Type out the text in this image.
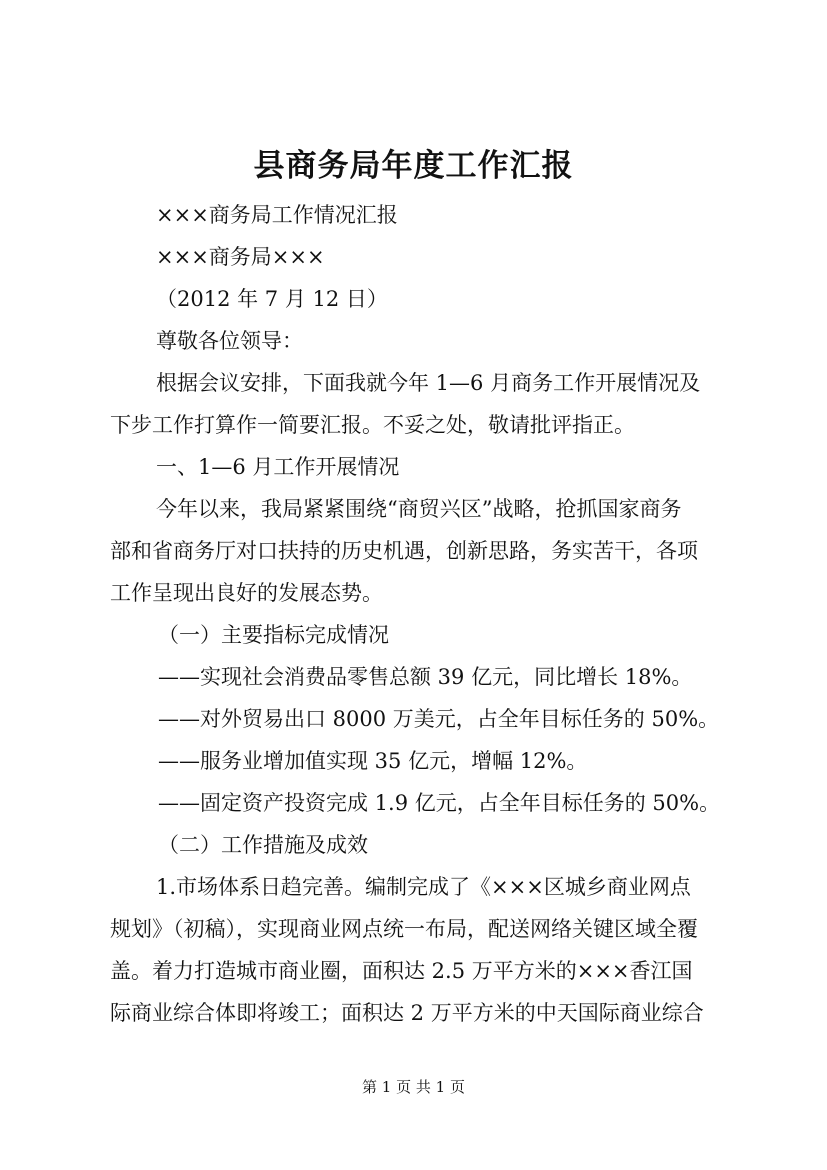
县商务局年度工作汇报

×××商务局工作情况汇报

×××商务局×××

（2012 年 7 月 12 日）

尊敬各位领导：

根据会议安排，下面我就今年 1—6 月商务工作开展情况及

下步工作打算作一简要汇报。不妥之处，敬请批评指正。

一、1—6 月工作开展情况

今年以来，我局紧紧围绕“商贸兴区”战略，抢抓国家商务

部和省商务厅对口扶持的历史机遇，创新思路，务实苦干，各项

工作呈现出良好的发展态势。

（一）主要指标完成情况

——实现社会消费品零售总额 39 亿元，同比增长 18%。

——对外贸易出口 8000 万美元，占全年目标任务的 50%。

——服务业增加值实现 35 亿元，增幅 12%。

——固定资产投资完成 1.9 亿元，占全年目标任务的 50%。

（二）工作措施及成效

1.市场体系日趋完善。编制完成了《×××区城乡商业网点

规划》（初稿），实现商业网点统一布局，配送网络关键区域全覆

盖。着力打造城市商业圈，面积达 2.5 万平方米的×××香江国

际商业综合体即将竣工；面积达 2 万平方米的中天国际商业综合

第 1 页 共 1 页
